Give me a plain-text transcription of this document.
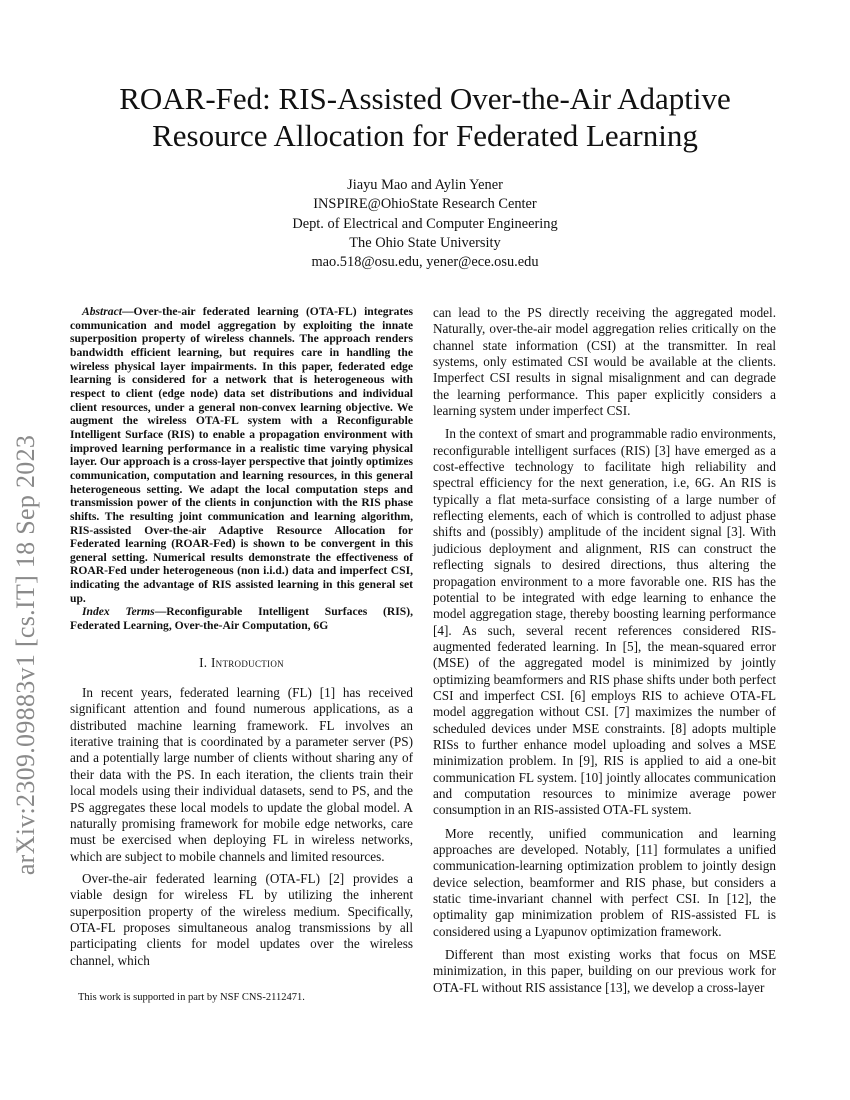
arXiv:2309.09883v1 [cs.IT] 18 Sep 2023
ROAR-Fed: RIS-Assisted Over-the-Air Adaptive
Resource Allocation for Federated Learning
Jiayu Mao and Aylin Yener
INSPIRE@OhioState Research Center
Dept. of Electrical and Computer Engineering
The Ohio State University
mao.518@osu.edu, yener@ece.osu.edu

Abstract—Over-the-air federated learning (OTA-FL) integrates communication and model aggregation by exploiting the innate superposition property of wireless channels. The approach renders bandwidth efficient learning, but requires care in handling the wireless physical layer impairments. In this paper, federated edge learning is considered for a network that is heterogeneous with respect to client (edge node) data set distributions and individual client resources, under a general non-convex learning objective. We augment the wireless OTA-FL system with a Reconfigurable Intelligent Surface (RIS) to enable a propagation environment with improved learning performance in a realistic time varying physical layer. Our approach is a cross-layer perspective that jointly optimizes communication, computation and learning resources, in this general heterogeneous setting. We adapt the local computation steps and transmission power of the clients in conjunction with the RIS phase shifts. The resulting joint communication and learning algorithm, RIS-assisted Over-the-air Adaptive Resource Allocation for Federated learning (ROAR-Fed) is shown to be convergent in this general setting. Numerical results demonstrate the effectiveness of ROAR-Fed under heterogeneous (non i.i.d.) data and imperfect CSI, indicating the advantage of RIS assisted learning in this general set up.

Index Terms—Reconfigurable Intelligent Surfaces (RIS), Federated Learning, Over-the-Air Computation, 6G

I. Introduction

In recent years, federated learning (FL) [1] has received significant attention and found numerous applications, as a distributed machine learning framework. FL involves an iterative training that is coordinated by a parameter server (PS) and a potentially large number of clients without sharing any of their data with the PS. In each iteration, the clients train their local models using their individual datasets, send to PS, and the PS aggregates these local models to update the global model. A naturally promising framework for mobile edge networks, care must be exercised when deploying FL in wireless networks, which are subject to mobile channels and limited resources.

Over-the-air federated learning (OTA-FL) [2] provides a viable design for wireless FL by utilizing the inherent superposition property of the wireless medium. Specifically, OTA-FL proposes simultaneous analog transmissions by all participating clients for model updates over the wireless channel, which

can lead to the PS directly receiving the aggregated model. Naturally, over-the-air model aggregation relies critically on the channel state information (CSI) at the transmitter. In real systems, only estimated CSI would be available at the clients. Imperfect CSI results in signal misalignment and can degrade the learning performance. This paper explicitly considers a learning system under imperfect CSI.

In the context of smart and programmable radio environments, reconfigurable intelligent surfaces (RIS) [3] have emerged as a cost-effective technology to facilitate high reliability and spectral efficiency for the next generation, i.e, 6G. An RIS is typically a flat meta-surface consisting of a large number of reflecting elements, each of which is controlled to adjust phase shifts and (possibly) amplitude of the incident signal [3]. With judicious deployment and alignment, RIS can construct the reflecting signals to desired directions, thus altering the propagation environment to a more favorable one. RIS has the potential to be integrated with edge learning to enhance the model aggregation stage, thereby boosting learning performance [4]. As such, several recent references considered RIS-augmented federated learning. In [5], the mean-squared error (MSE) of the aggregated model is minimized by jointly optimizing beamformers and RIS phase shifts under both perfect CSI and imperfect CSI. [6] employs RIS to achieve OTA-FL model aggregation without CSI. [7] maximizes the number of scheduled devices under MSE constraints. [8] adopts multiple RISs to further enhance model uploading and solves a MSE minimization problem. In [9], RIS is applied to aid a one-bit communication FL system. [10] jointly allocates communication and computation resources to minimize average power consumption in an RIS-assisted OTA-FL system.

More recently, unified communication and learning approaches are developed. Notably, [11] formulates a unified communication-learning optimization problem to jointly design device selection, beamformer and RIS phase, but considers a static time-invariant channel with perfect CSI. In [12], the optimality gap minimization problem of RIS-assisted FL is considered using a Lyapunov optimization framework.

Different than most existing works that focus on MSE minimization, in this paper, building on our previous work for OTA-FL without RIS assistance [13], we develop a cross-layer

This work is supported in part by NSF CNS-2112471.
